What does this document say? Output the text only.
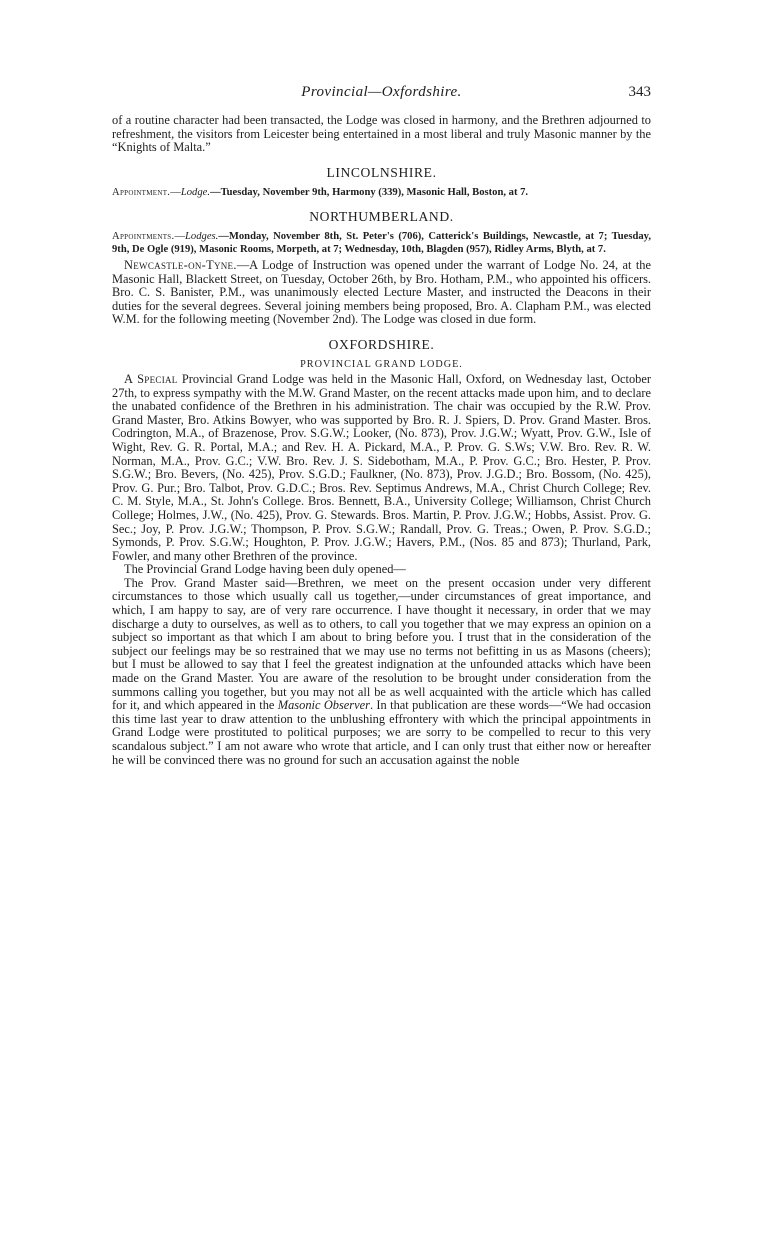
Provincial—Oxfordshire.	343

of a routine character had been transacted, the Lodge was closed in harmony, and the Brethren adjourned to refreshment, the visitors from Leicester being entertained in a most liberal and truly Masonic manner by the “Knights of Malta.”

LINCOLNSHIRE.

Appointment.—Lodge.—Tuesday, November 9th, Harmony (339), Masonic Hall, Boston, at 7.

NORTHUMBERLAND.

Appointments.—Lodges.—Monday, November 8th, St. Peter's (706), Catterick's Buildings, Newcastle, at 7; Tuesday, 9th, De Ogle (919), Masonic Rooms, Morpeth, at 7; Wednesday, 10th, Blagden (957), Ridley Arms, Blyth, at 7.

Newcastle-on-Tyne.—A Lodge of Instruction was opened under the warrant of Lodge No. 24, at the Masonic Hall, Blackett Street, on Tuesday, October 26th, by Bro. Hotham, P.M., who appointed his officers. Bro. C. S. Banister, P.M., was unanimously elected Lecture Master, and instructed the Deacons in their duties for the several degrees. Several joining members being proposed, Bro. A. Clapham P.M., was elected W.M. for the following meeting (November 2nd). The Lodge was closed in due form.

OXFORDSHIRE.
PROVINCIAL GRAND LODGE.

A Special Provincial Grand Lodge was held in the Masonic Hall, Oxford, on Wednesday last, October 27th, to express sympathy with the M.W. Grand Master, on the recent attacks made upon him, and to declare the unabated confidence of the Brethren in his administration. The chair was occupied by the R.W. Prov. Grand Master, Bro. Atkins Bowyer, who was supported by Bro. R. J. Spiers, D. Prov. Grand Master. Bros. Codrington, M.A., of Brazenose, Prov. S.G.W.; Looker, (No. 873), Prov. J.G.W.; Wyatt, Prov. G.W., Isle of Wight, Rev. G. R. Portal, M.A.; and Rev. H. A. Pickard, M.A., P. Prov. G. S.Ws; V.W. Bro. Rev. R. W. Norman, M.A., Prov. G.C.; V.W. Bro. Rev. J. S. Sidebotham, M.A., P. Prov. G.C.; Bro. Hester, P. Prov. S.G.W.; Bro. Bevers, (No. 425), Prov. S.G.D.; Faulkner, (No. 873), Prov. J.G.D.; Bro. Bossom, (No. 425), Prov. G. Pur.; Bro. Talbot, Prov. G.D.C.; Bros. Rev. Septimus Andrews, M.A., Christ Church College; Rev. C. M. Style, M.A., St. John's College. Bros. Bennett, B.A., University College; Williamson, Christ Church College; Holmes, J.W., (No. 425), Prov. G. Stewards. Bros. Martin, P. Prov. J.G.W.; Hobbs, Assist. Prov. G. Sec.; Joy, P. Prov. J.G.W.; Thompson, P. Prov. S.G.W.; Randall, Prov. G. Treas.; Owen, P. Prov. S.G.D.; Symonds, P. Prov. S.G.W.; Houghton, P. Prov. J.G.W.; Havers, P.M., (Nos. 85 and 873); Thurland, Park, Fowler, and many other Brethren of the province.

The Provincial Grand Lodge having been duly opened—

The Prov. Grand Master said—Brethren, we meet on the present occasion under very different circumstances to those which usually call us together,—under circumstances of great importance, and which, I am happy to say, are of very rare occurrence. I have thought it necessary, in order that we may discharge a duty to ourselves, as well as to others, to call you together that we may express an opinion on a subject so important as that which I am about to bring before you. I trust that in the consideration of the subject our feelings may be so restrained that we may use no terms not befitting in us as Masons (cheers); but I must be allowed to say that I feel the greatest indignation at the unfounded attacks which have been made on the Grand Master. You are aware of the resolution to be brought under consideration from the summons calling you together, but you may not all be as well acquainted with the article which has called for it, and which appeared in the Masonic Observer. In that publication are these words—“We had occasion this time last year to draw attention to the unblushing effrontery with which the principal appointments in Grand Lodge were prostituted to political purposes; we are sorry to be compelled to recur to this very scandalous subject.” I am not aware who wrote that article, and I can only trust that either now or hereafter he will be convinced there was no ground for such an accusation against the noble
